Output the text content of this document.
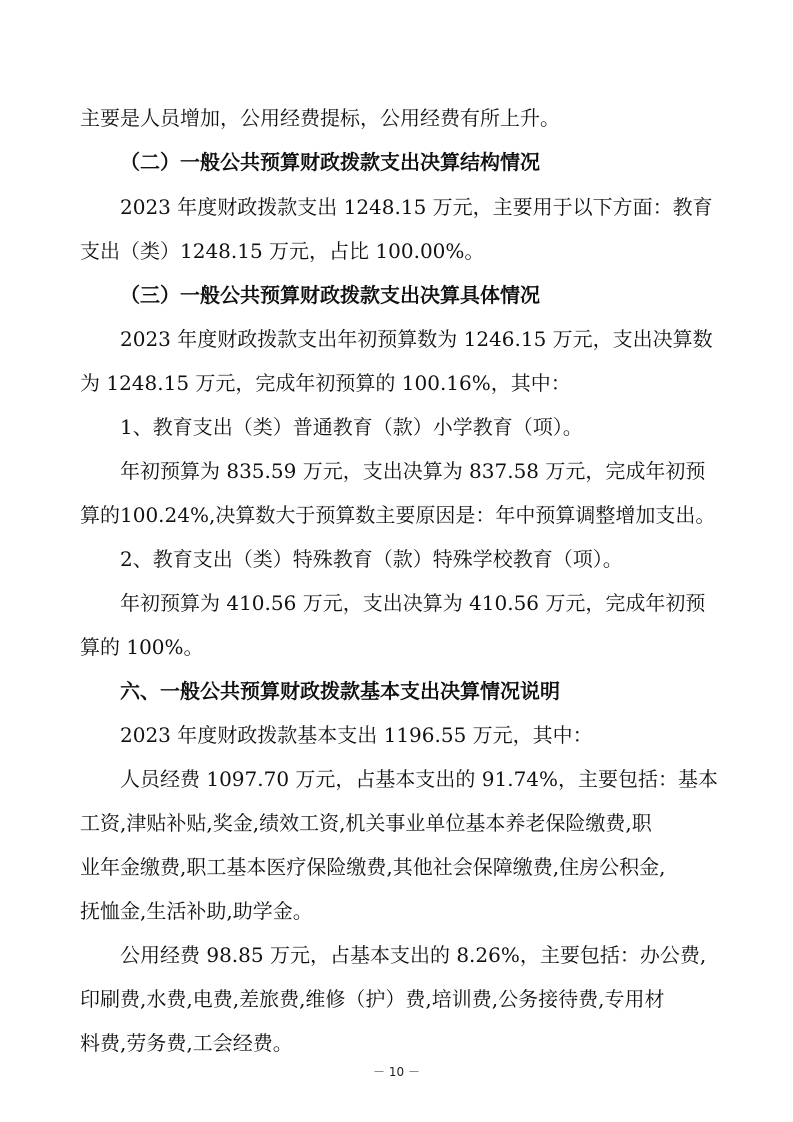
主要是人员增加，公用经费提标，公用经费有所上升。
（二）一般公共预算财政拨款支出决算结构情况
2023 年度财政拨款支出 1248.15 万元，主要用于以下方面：教育
支出（类）1248.15 万元，占比 100.00%。
（三）一般公共预算财政拨款支出决算具体情况
2023 年度财政拨款支出年初预算数为 1246.15 万元，支出决算数
为 1248.15 万元，完成年初预算的 100.16%，其中：
1、教育支出（类）普通教育（款）小学教育（项）。
年初预算为 835.59 万元，支出决算为 837.58 万元，完成年初预
算的100.24%,决算数大于预算数主要原因是：年中预算调整增加支出。
2、教育支出（类）特殊教育（款）特殊学校教育（项）。
年初预算为 410.56 万元，支出决算为 410.56 万元，完成年初预
算的 100%。
六、一般公共预算财政拨款基本支出决算情况说明
2023 年度财政拨款基本支出 1196.55 万元，其中：
人员经费 1097.70 万元，占基本支出的 91.74%，主要包括：基本
工资,津贴补贴,奖金,绩效工资,机关事业单位基本养老保险缴费,职
业年金缴费,职工基本医疗保险缴费,其他社会保障缴费,住房公积金,
抚恤金,生活补助,助学金。
公用经费 98.85 万元，占基本支出的 8.26%，主要包括：办公费,
印刷费,水费,电费,差旅费,维修（护）费,培训费,公务接待费,专用材
料费,劳务费,工会经费。
－ 10 －
